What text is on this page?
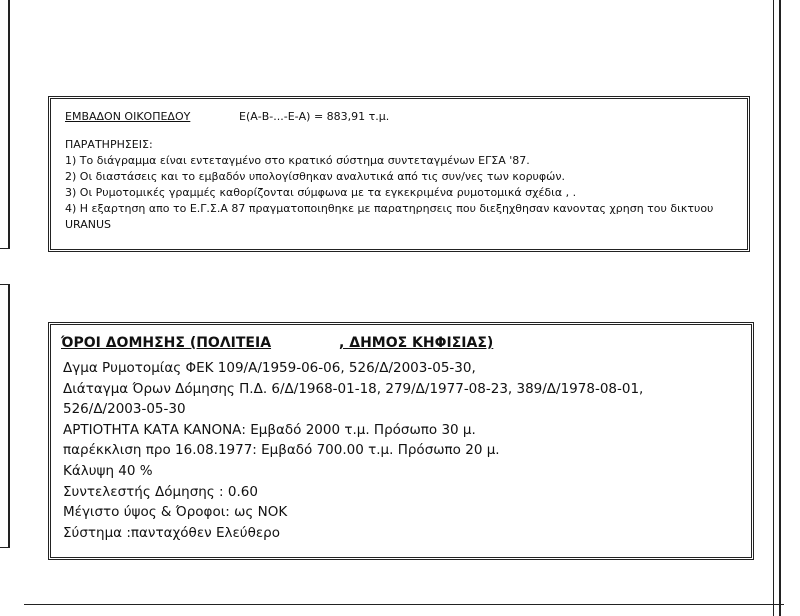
ΕΜΒΑΔΟΝ ΟΙΚΟΠΕΔΟΥ	Ε(Α-Β-...-Ε-Α) = 883,91 τ.μ.

ΠΑΡΑΤΗΡΗΣΕΙΣ:

1) Το διάγραμμα είναι εντεταγμένο στο κρατικό σύστημα συντεταγμένων ΕΓΣΑ '87.

2) Οι διαστάσεις και το εμβαδόν υπολογίσθηκαν αναλυτικά από τις συν/νες των κορυφών.

3) Οι Ρυμοτομικές γραμμές καθορίζονται σύμφωνα με τα εγκεκριμένα ρυμοτομικά σχέδια , .

4) Η εξαρτηση απο το Ε.Γ.Σ.Α 87 πραγματοποιηθηκε με παρατηρησεις που διεξηχθησαν κανοντας χρηση του δικτυου

URANUS

ΌΡΟΙ ΔΟΜΗΣΗΣ (ΠΟΛΙΤΕΙΑ	, ΔΗΜΟΣ ΚΗΦΙΣΙΑΣ)

Δγμα Ρυμοτομίας ΦΕΚ 109/Α/1959-06-06, 526/Δ/2003-05-30,

Διάταγμα Όρων Δόμησης Π.Δ. 6/Δ/1968-01-18, 279/Δ/1977-08-23, 389/Δ/1978-08-01,

526/Δ/2003-05-30

ΑΡΤΙΟΤΗΤΑ ΚΑΤΑ ΚΑΝΟΝΑ: Εμβαδό 2000 τ.μ. Πρόσωπο 30 μ.

παρέκκλιση προ 16.08.1977: Εμβαδό 700.00 τ.μ. Πρόσωπο 20 μ.

Κάλυψη 40 %

Συντελεστής Δόμησης : 0.60

Μέγιστο ύψος & Όροφοι: ως ΝΟΚ

Σύστημα :πανταχόθεν Ελεύθερο
